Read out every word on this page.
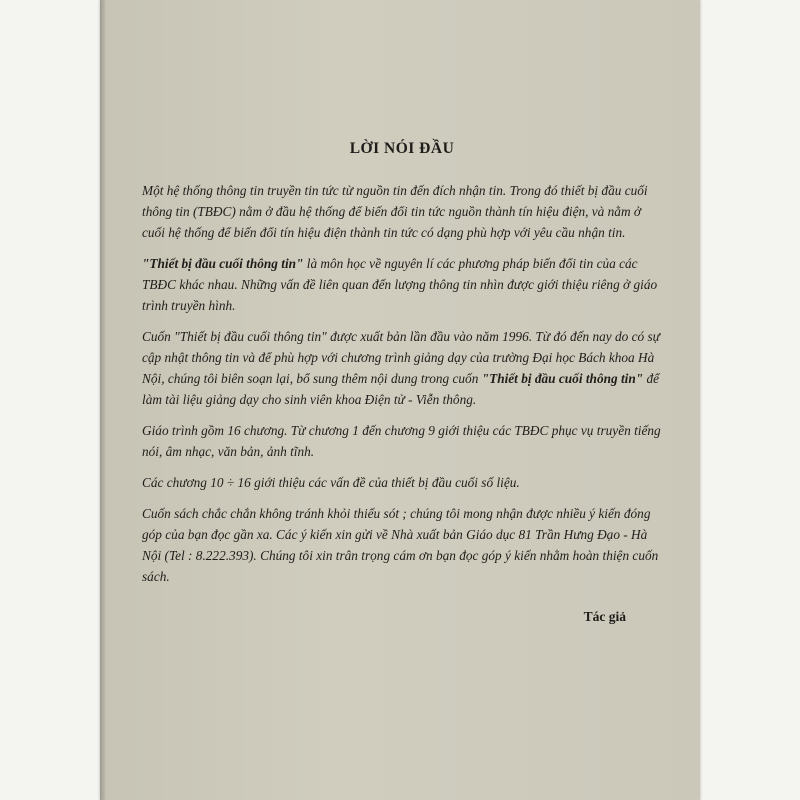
LỜI NÓI ĐẦU

Một hệ thống thông tin truyền tin tức từ nguồn tin đến đích nhận tin. Trong đó thiết bị đầu cuối thông tin (TBĐC) nằm ở đầu hệ thống để biến đổi tin tức nguồn thành tín hiệu điện, và nằm ở cuối hệ thống để biến đổi tín hiệu điện thành tin tức có dạng phù hợp với yêu cầu nhận tin.

"Thiết bị đầu cuối thông tin" là môn học về nguyên lí các phương pháp biến đổi tin của các TBĐC khác nhau. Những vấn đề liên quan đến lượng thông tin nhìn được giới thiệu riêng ở giáo trình truyền hình.

Cuốn "Thiết bị đầu cuối thông tin" được xuất bản lần đầu vào năm 1996. Từ đó đến nay do có sự cập nhật thông tin và để phù hợp với chương trình giảng dạy của trường Đại học Bách khoa Hà Nội, chúng tôi biên soạn lại, bổ sung thêm nội dung trong cuốn "Thiết bị đầu cuối thông tin" để làm tài liệu giảng dạy cho sinh viên khoa Điện tử - Viễn thông.

Giáo trình gồm 16 chương. Từ chương 1 đến chương 9 giới thiệu các TBĐC phục vụ truyền tiếng nói, âm nhạc, văn bản, ảnh tĩnh.

Các chương 10 ÷ 16 giới thiệu các vấn đề của thiết bị đầu cuối số liệu.

Cuốn sách chắc chắn không tránh khỏi thiếu sót ; chúng tôi mong nhận được nhiều ý kiến đóng góp của bạn đọc gần xa. Các ý kiến xin gửi về Nhà xuất bản Giáo dục 81 Trần Hưng Đạo - Hà Nội (Tel : 8.222.393). Chúng tôi xin trân trọng cám ơn bạn đọc góp ý kiến nhằm hoàn thiện cuốn sách.

Tác giả
